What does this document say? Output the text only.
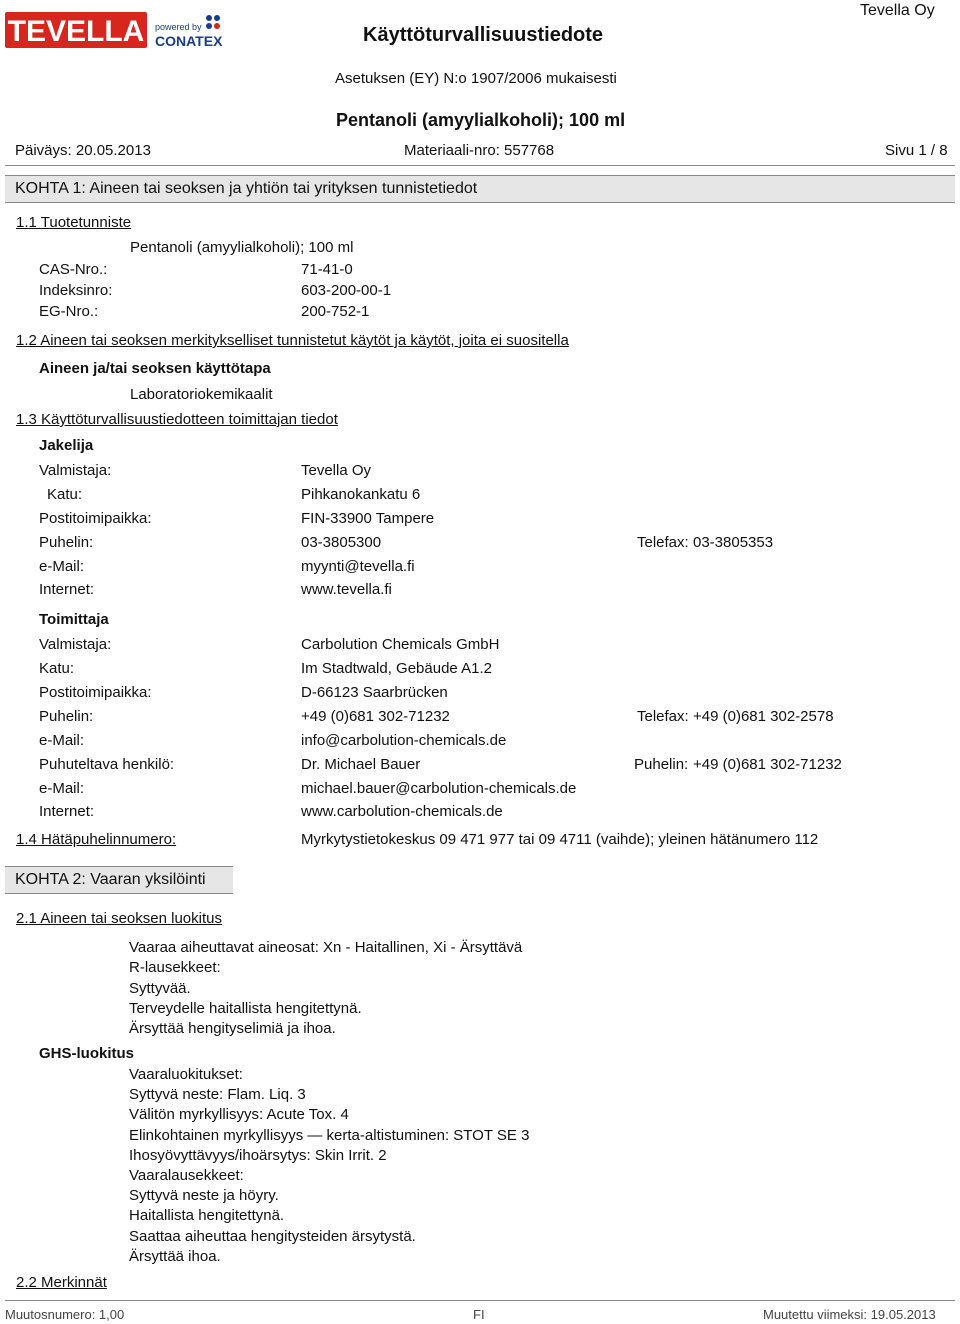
TEVELLA powered by
CONATEX	Käyttöturvallisuustiedote
Tevella Oy
Asetuksen (EY) N:o 1907/2006 mukaisesti
Pentanoli (amyylialkoholi); 100 ml
Päiväys: 20.05.2013	Materiaali-nro: 557768	Sivu 1 / 8
KOHTA 1: Aineen tai seoksen ja yhtiön tai yrityksen tunnistetiedot
1.1 Tuotetunniste
Pentanoli (amyylialkoholi); 100 ml
CAS-Nro.:	71-41-0
Indeksinro:	603-200-00-1
EG-Nro.:	200-752-1
1.2 Aineen tai seoksen merkitykselliset tunnistetut käytöt ja käytöt, joita ei suositella
Aineen ja/tai seoksen käyttötapa
Laboratoriokemikaalit
1.3 Käyttöturvallisuustiedotteen toimittajan tiedot
Jakelija
Valmistaja:	Tevella Oy
Katu:	Pihkanokankatu 6
Postitoimipaikka:	FIN-33900 Tampere
Puhelin:	03-3805300	Telefax: 03-3805353
e-Mail:	myynti@tevella.fi
Internet:	www.tevella.fi
Toimittaja
Valmistaja:	Carbolution Chemicals GmbH
Katu:	Im Stadtwald, Gebäude A1.2
Postitoimipaikka:	D-66123 Saarbrücken
Puhelin:	+49 (0)681 302-71232	Telefax: +49 (0)681 302-2578
e-Mail:	info@carbolution-chemicals.de
Puhuteltava henkilö:	Dr. Michael Bauer	Puhelin: +49 (0)681 302-71232
e-Mail:	michael.bauer@carbolution-chemicals.de
Internet:	www.carbolution-chemicals.de
1.4 Hätäpuhelinnumero:	Myrkytystietokeskus 09 471 977 tai 09 4711 (vaihde); yleinen hätänumero 112
KOHTA 2: Vaaran yksilöinti
2.1 Aineen tai seoksen luokitus
Vaaraa aiheuttavat aineosat: Xn - Haitallinen, Xi - Ärsyttävä
R-lausekkeet:
Syttyvää.
Terveydelle haitallista hengitettynä.
Ärsyttää hengityselimiä ja ihoa.
GHS-luokitus
Vaaraluokitukset:
Syttyvä neste: Flam. Liq. 3
Välitön myrkyllisyys: Acute Tox. 4
Elinkohtainen myrkyllisyys — kerta-altistuminen: STOT SE 3
Ihosyövyttävyys/ihoärsytys: Skin Irrit. 2
Vaaralausekkeet:
Syttyvä neste ja höyry.
Haitallista hengitettynä.
Saattaa aiheuttaa hengitysteiden ärsytystä.
Ärsyttää ihoa.
2.2 Merkinnät
Muutosnumero: 1,00	FI	Muutettu viimeksi: 19.05.2013
